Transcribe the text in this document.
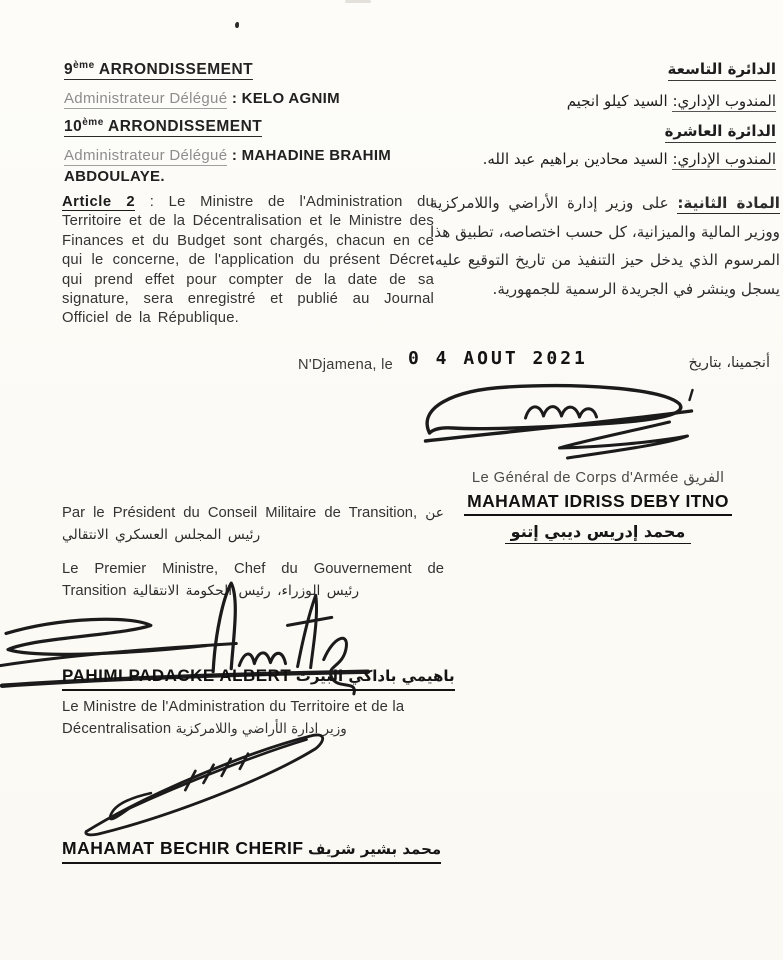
9ème ARRONDISSEMENT
Administrateur Délégué : KELO AGNIM
10ème ARRONDISSEMENT
Administrateur Délégué : MAHADINE BRAHIM ABDOULAYE.
الدائرة التاسعة
المندوب الإداري: السيد كيلو انجيم
الدائرة العاشرة
المندوب الإداري: السيد محادين براهيم عبد الله.

Article 2 : Le Ministre de l'Administration du Territoire et de la Décentralisation et le Ministre des Finances et du Budget sont chargés, chacun en ce qui le concerne, de l'application du présent Décret qui prend effet pour compter de la date de sa signature, sera enregistré et publié au Journal Officiel de la République.

المادة الثانية: على وزير إدارة الأراضي واللامركزية ووزير المالية والميزانية، كل حسب اختصاصه، تطبيق هذا المرسوم الذي يدخل حيز التنفيذ من تاريخ التوقيع عليه، يسجل وينشر في الجريدة الرسمية للجمهورية.

N'Djamena, le 0 4 AOUT 2021	أنجمينا، بتاريخ
Le Général de Corps d'Armée الفريق
MAHAMAT IDRISS DEBY ITNO
محمد إدريس ديبي إتنو

Par le Président du Conseil Militaire de Transition, عن رئيس المجلس العسكري الانتقالي

Le Premier Ministre, Chef du Gouvernement de Transition رئيس الوزراء، رئيس الحكومة الانتقالية

PAHIMI PADACKE ALBERT باهيمي باداكي البيرت
Le Ministre de l'Administration du Territoire et de la Décentralisation وزير إدارة الأراضي واللامركزية
MAHAMAT BECHIR CHERIF محمد بشير شريف
